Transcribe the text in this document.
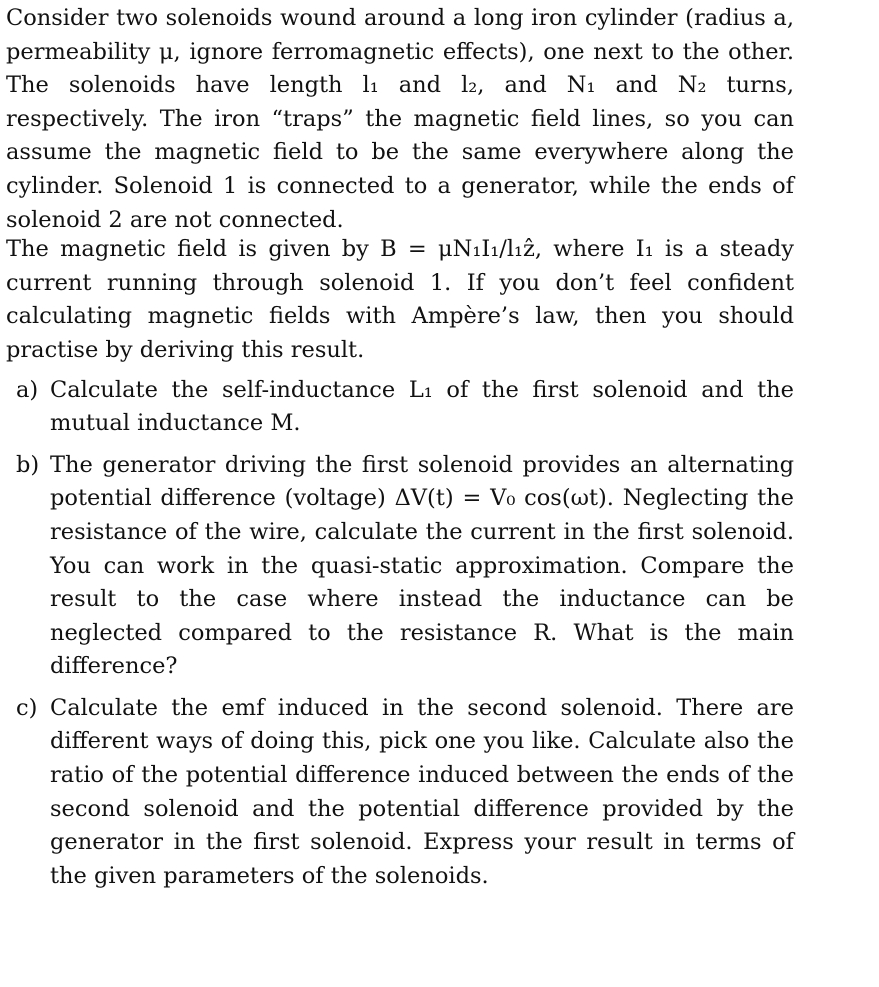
Consider two solenoids wound around a long iron cylinder (radius a, permeability μ, ignore ferromagnetic effects), one next to the other. The solenoids have length l₁ and l₂, and N₁ and N₂ turns, respectively. The iron “traps” the magnetic field lines, so you can assume the magnetic field to be the same everywhere along the cylinder. Solenoid 1 is connected to a generator, while the ends of solenoid 2 are not connected.

The magnetic field is given by B = μN₁I₁/l₁ẑ, where I₁ is a steady current running through solenoid 1. If you don’t feel confident calculating magnetic fields with Ampère’s law, then you should practise by deriving this result.

a) Calculate the self-inductance L₁ of the first solenoid and the mutual inductance M.
b) The generator driving the first solenoid provides an alternating potential difference (voltage) ΔV(t) = V₀ cos(ωt). Neglecting the resistance of the wire, calculate the current in the first solenoid. You can work in the quasi-static approximation. Compare the result to the case where instead the inductance can be neglected compared to the resistance R. What is the main difference?
c) Calculate the emf induced in the second solenoid. There are different ways of doing this, pick one you like. Calculate also the ratio of the potential difference induced between the ends of the second solenoid and the potential difference provided by the generator in the first solenoid. Express your result in terms of the given parameters of the solenoids.
